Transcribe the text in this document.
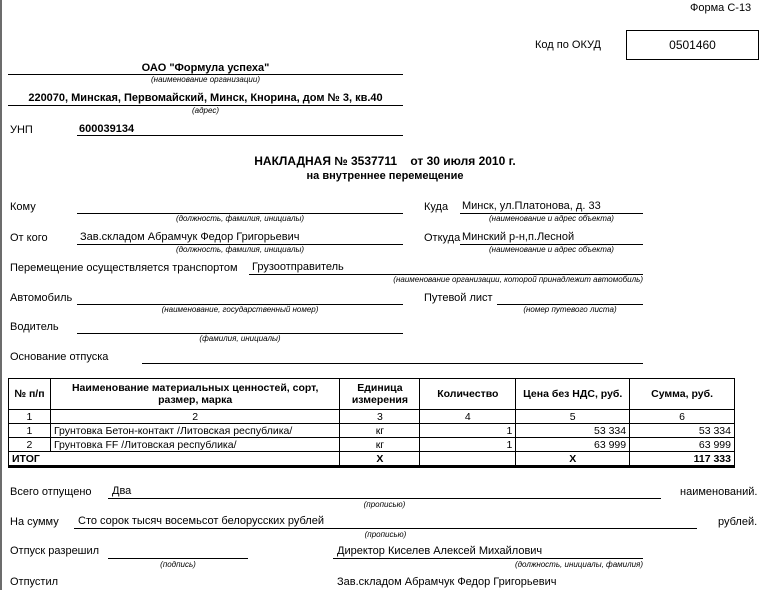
Форма С-13
Код по ОКУД	0501460
ОАО "Формула успеха"
(наименование организации)
220070, Минская, Первомайский, Минск, Кнорина, дом № 3, кв.40
(адрес)
УНП	600039134
НАКЛАДНАЯ № 3537711    от 30 июля 2010 г.
на внутреннее перемещение
Кому
(должность, фамилия, инициалы)
Куда Минск, ул.Платонова, д. 33
(наименование и адрес объекта)
От кого	Зав.складом Абрамчук Федор Григорьевич
(должность, фамилия, инициалы)
Откуда Минский р-н,п.Лесной
(наименование и адрес объекта)
Перемещение осуществляется транспортом Грузоотправитель
(наименование организации, которой принадлежит автомобиль)
Автомобиль
(наименование, государственный номер)
Путевой лист
(номер путевого листа)
Водитель
(фамилия, инициалы)
Основание отпуска
№ п/п	Наименование материальных ценностей, сорт, размер, марка	Единица измерения	Количество	Цена без НДС, руб.	Сумма, руб.
1	2	3	4	5	6
1	Грунтовка Бетон-контакт /Литовская республика/	кг	1	53 334	53 334
2	Грунтовка FF /Литовская республика/	кг	1	63 999	63 999
ИТОГ		X		X	117 333
Всего отпущено Два
(прописью)
наименований.
На сумму Сто сорок тысяч восемьсот белорусских рублей
(прописью)
рублей.
Отпуск разрешил
(подпись)
Директор Киселев Алексей Михайлович
(должность, инициалы, фамилия)
Отпустил	Зав.складом Абрамчук Федор Григорьевич
